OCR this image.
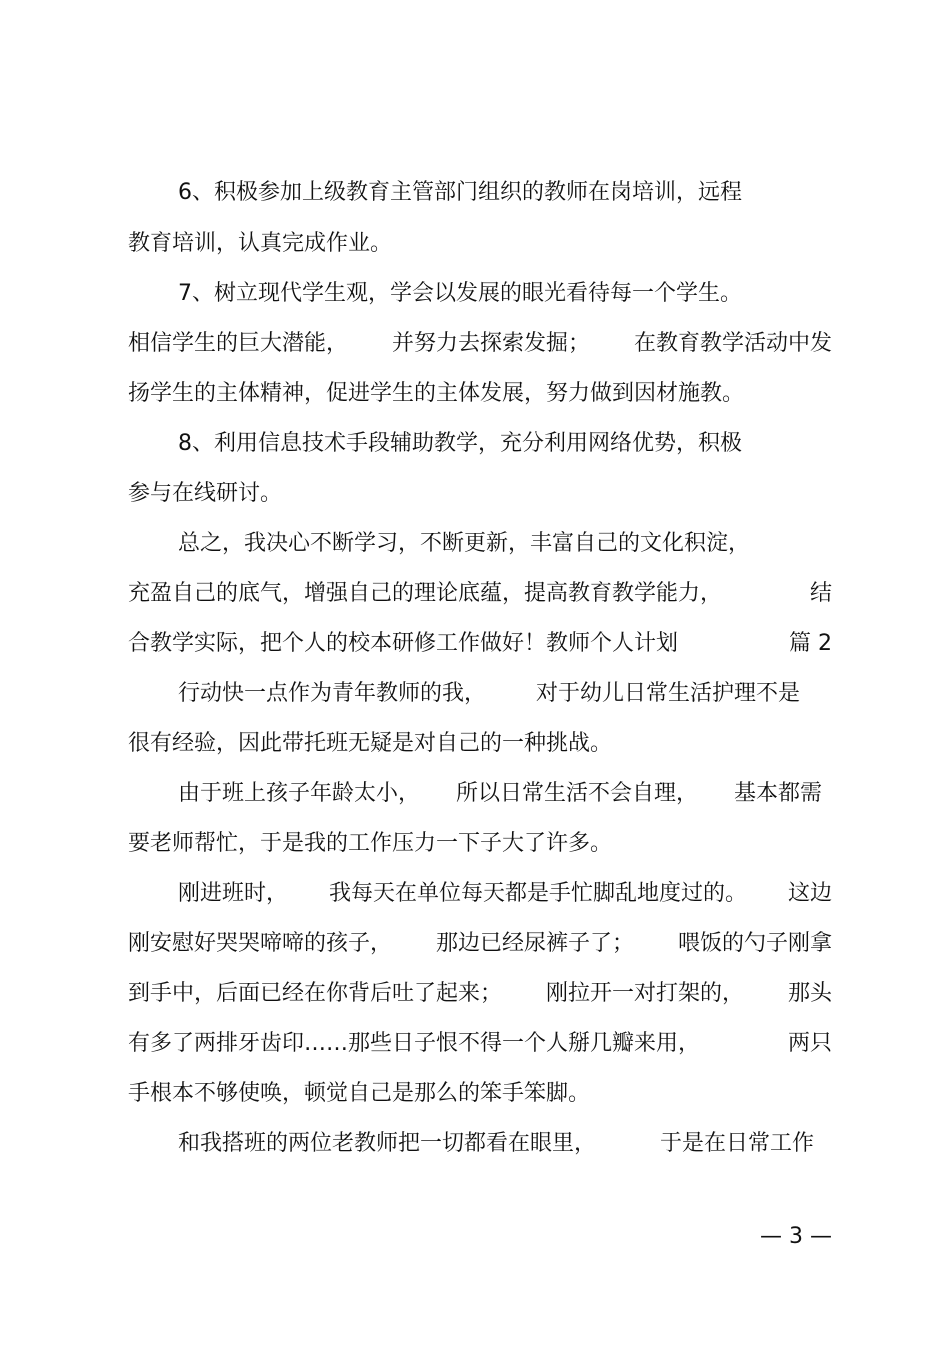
6、积极参加上级教育主管部门组织的教师在岗培训，远程
教育培训，认真完成作业。
7、树立现代学生观，学会以发展的眼光看待每一个学生。
相信学生的巨大潜能， 并努力去探索发掘； 在教育教学活动中发
扬学生的主体精神，促进学生的主体发展，努力做到因材施教。
8、利用信息技术手段辅助教学，充分利用网络优势，积极
参与在线研讨。
总之，我决心不断学习，不断更新，丰富自己的文化积淀，
充盈自己的底气，增强自己的理论底蕴，提高教育教学能力，	结
合教学实际，把个人的校本研修工作做好！教师个人计划	篇 2
行动快一点作为青年教师的我， 对于幼儿日常生活护理不是
很有经验，因此带托班无疑是对自己的一种挑战。
由于班上孩子年龄太小， 所以日常生活不会自理， 基本都需
要老师帮忙，于是我的工作压力一下子大了许多。
刚进班时， 我每天在单位每天都是手忙脚乱地度过的。 这边
刚安慰好哭哭啼啼的孩子， 那边已经尿裤子了； 喂饭的勺子刚拿
到手中，后面已经在你背后吐了起来； 刚拉开一对打架的， 那头
有多了两排牙齿印……那些日子恨不得一个人掰几瓣来用，	两只
手根本不够使唤，顿觉自己是那么的笨手笨脚。
和我搭班的两位老教师把一切都看在眼里，	于是在日常工作
— 3 —
